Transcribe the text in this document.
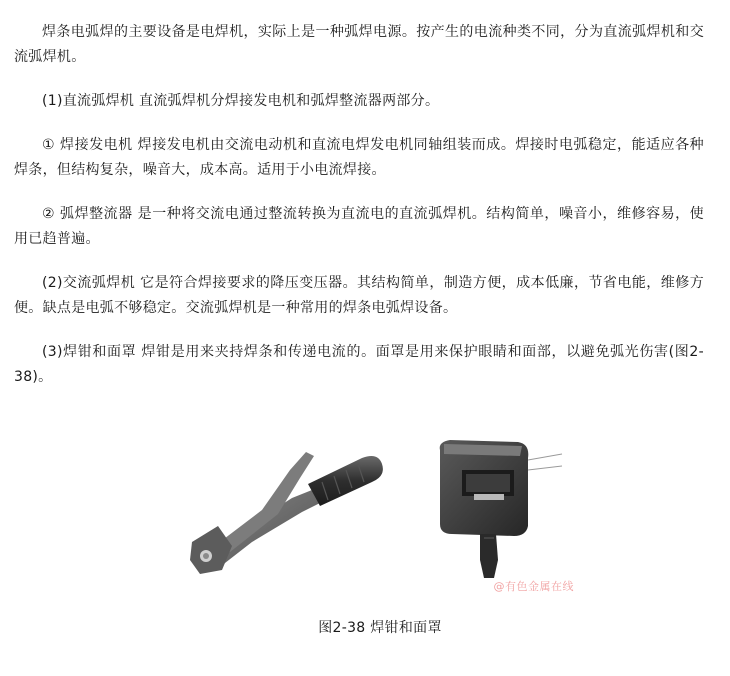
焊条电弧焊的主要设备是电焊机，实际上是一种弧焊电源。按产生的电流种类不同，分为直流弧焊机和交流弧焊机。

(1)直流弧焊机 直流弧焊机分焊接发电机和弧焊整流器两部分。

① 焊接发电机 焊接发电机由交流电动机和直流电焊发电机同轴组装而成。焊接时电弧稳定，能适应各种焊条，但结构复杂，噪音大，成本高。适用于小电流焊接。

② 弧焊整流器 是一种将交流电通过整流转换为直流电的直流弧焊机。结构简单，噪音小，维修容易，使用已趋普遍。

(2)交流弧焊机 它是符合焊接要求的降压变压器。其结构简单，制造方便，成本低廉，节省电能，维修方便。缺点是电弧不够稳定。交流弧焊机是一种常用的焊条电弧焊设备。

(3)焊钳和面罩 焊钳是用来夹持焊条和传递电流的。面罩是用来保护眼睛和面部，以避免弧光伤害(图2-38)。

@有色金属在线
图2-38 焊钳和面罩
